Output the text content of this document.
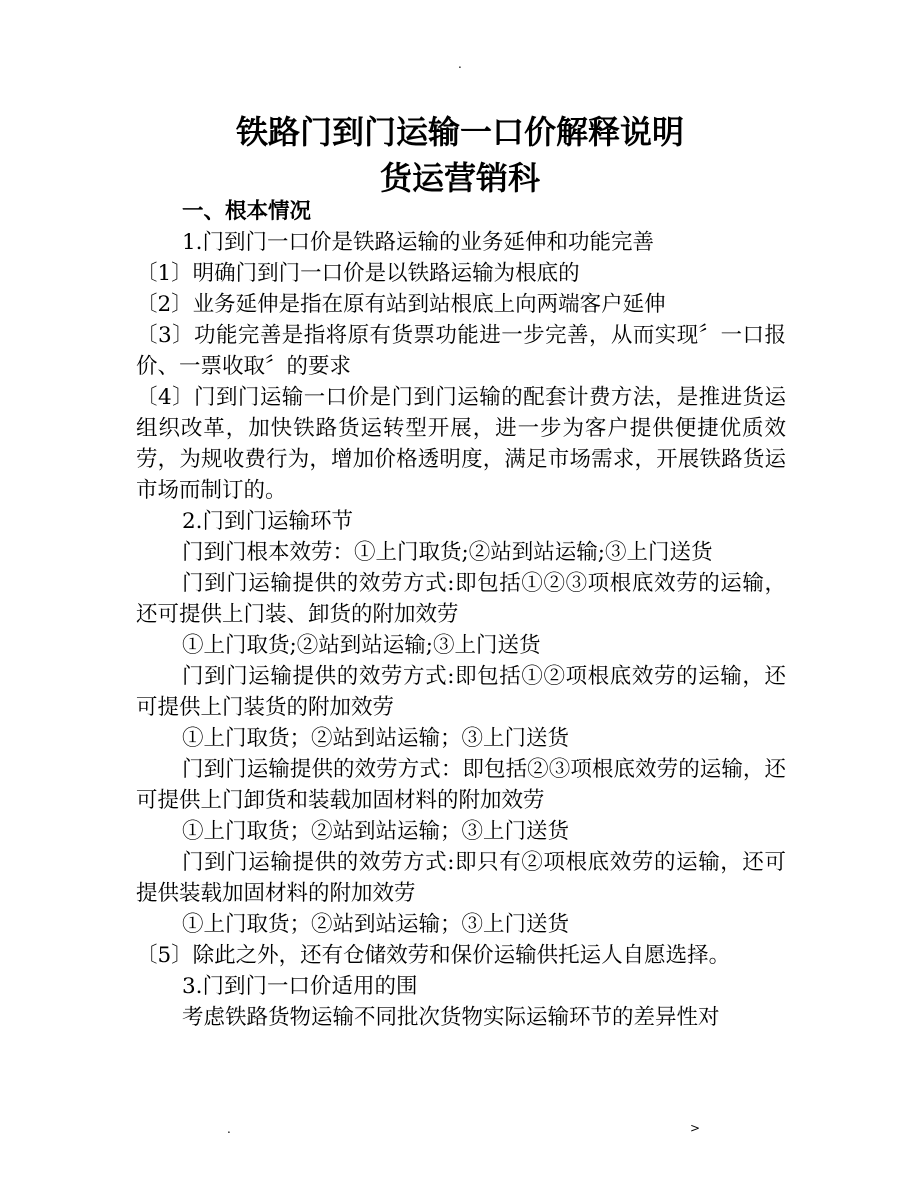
.
铁路门到门运输一口价解释说明
货运营销科

一、根本情况

1.门到门一口价是铁路运输的业务延伸和功能完善

〔1〕明确门到门一口价是以铁路运输为根底的

〔2〕业务延伸是指在原有站到站根底上向两端客户延伸

〔3〕功能完善是指将原有货票功能进一步完善，从而实现〞一口报价、一票收取〞的要求

〔4〕门到门运输一口价是门到门运输的配套计费方法，是推进货运组织改革，加快铁路货运转型开展，进一步为客户提供便捷优质效劳，为规收费行为，增加价格透明度，满足市场需求，开展铁路货运市场而制订的。

2.门到门运输环节

门到门根本效劳：①上门取货;②站到站运输;③上门送货

门到门运输提供的效劳方式:即包括①②③项根底效劳的运输，还可提供上门装、卸货的附加效劳

①上门取货;②站到站运输;③上门送货

门到门运输提供的效劳方式:即包括①②项根底效劳的运输，还可提供上门装货的附加效劳

①上门取货；②站到站运输；③上门送货

门到门运输提供的效劳方式：即包括②③项根底效劳的运输，还可提供上门卸货和装载加固材料的附加效劳

①上门取货；②站到站运输；③上门送货

门到门运输提供的效劳方式:即只有②项根底效劳的运输，还可提供装载加固材料的附加效劳

①上门取货；②站到站运输；③上门送货

〔5〕除此之外，还有仓储效劳和保价运输供托运人自愿选择。

3.门到门一口价适用的围

考虑铁路货物运输不同批次货物实际运输环节的差异性对

.	>
